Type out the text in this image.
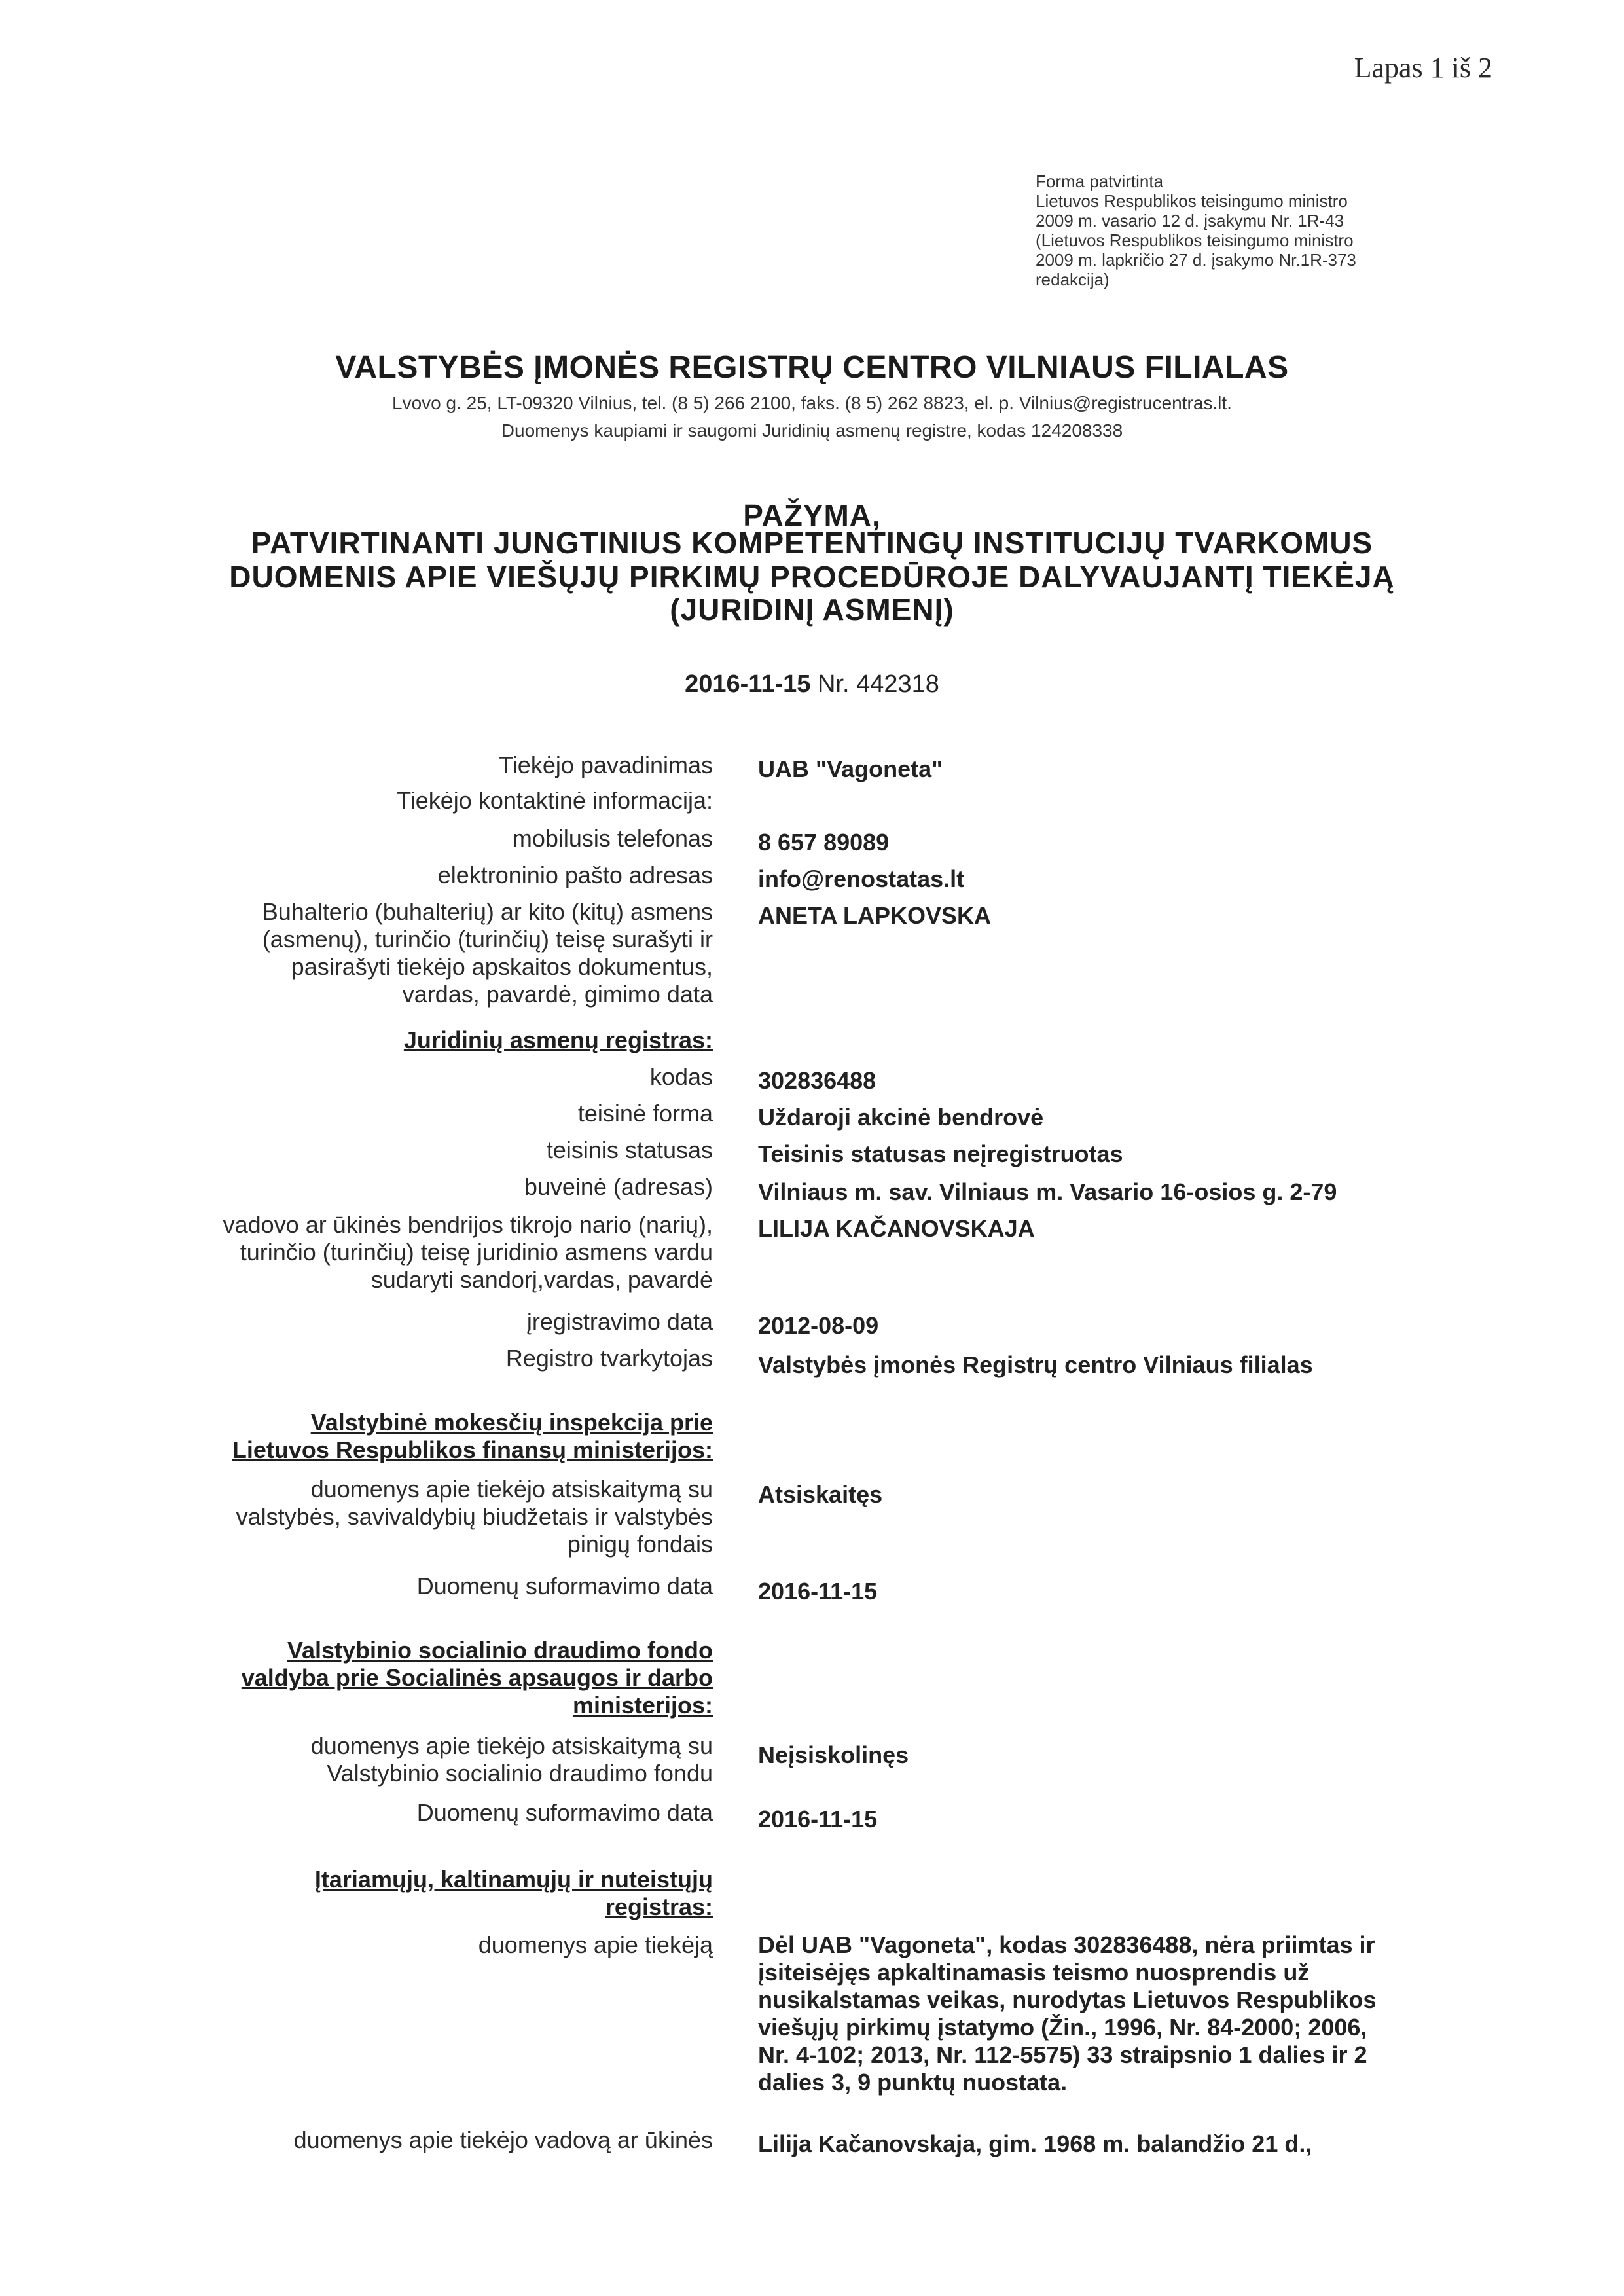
Lapas 1 iš 2
Forma patvirtinta
Lietuvos Respublikos teisingumo ministro
2009 m. vasario 12 d. įsakymu Nr. 1R-43
(Lietuvos Respublikos teisingumo ministro
2009 m. lapkričio 27 d. įsakymo Nr.1R-373
redakcija)
VALSTYBĖS ĮMONĖS REGISTRŲ CENTRO VILNIAUS FILIALAS
Lvovo g. 25, LT-09320 Vilnius, tel. (8 5) 266 2100, faks. (8 5) 262 8823, el. p. Vilnius@registrucentras.lt.
Duomenys kaupiami ir saugomi Juridinių asmenų registre, kodas 124208338
PAŽYMA,
PATVIRTINANTI JUNGTINIUS KOMPETENTINGŲ INSTITUCIJŲ TVARKOMUS
DUOMENIS APIE VIEŠŲJŲ PIRKIMŲ PROCEDŪROJE DALYVAUJANTĮ TIEKĖJĄ
(JURIDINĮ ASMENĮ)
2016-11-15 Nr. 442318
Tiekėjo pavadinimas UAB "Vagoneta"
Tiekėjo kontaktinė informacija:
mobilusis telefonas 8 657 89089
elektroninio pašto adresas info@renostatas.lt
Buhalterio (buhalterių) ar kito (kitų) asmens
(asmenų), turinčio (turinčių) teisę surašyti ir
pasirašyti tiekėjo apskaitos dokumentus,
vardas, pavardė, gimimo data
ANETA LAPKOVSKA
Juridinių asmenų registras:
kodas 302836488
teisinė forma Uždaroji akcinė bendrovė
teisinis statusas Teisinis statusas neįregistruotas
buveinė (adresas) Vilniaus m. sav. Vilniaus m. Vasario 16-osios g. 2-79
vadovo ar ūkinės bendrijos tikrojo nario (narių),
turinčio (turinčių) teisę juridinio asmens vardu
sudaryti sandorį,vardas, pavardė
LILIJA KAČANOVSKAJA
įregistravimo data 2012-08-09
Registro tvarkytojas Valstybės įmonės Registrų centro Vilniaus filialas
Valstybinė mokesčių inspekcija prie
Lietuvos Respublikos finansų ministerijos:
duomenys apie tiekėjo atsiskaitymą su
valstybės, savivaldybių biudžetais ir valstybės
pinigų fondais
Atsiskaitęs
Duomenų suformavimo data 2016-11-15
Valstybinio socialinio draudimo fondo
valdyba prie Socialinės apsaugos ir darbo
ministerijos:
duomenys apie tiekėjo atsiskaitymą su
Valstybinio socialinio draudimo fondu
Neįsiskolinęs
Duomenų suformavimo data 2016-11-15
Įtariamųjų, kaltinamųjų ir nuteistųjų
registras:
duomenys apie tiekėją Dėl UAB "Vagoneta", kodas 302836488, nėra priimtas ir
įsiteisėjęs apkaltinamasis teismo nuosprendis už
nusikalstamas veikas, nurodytas Lietuvos Respublikos
viešųjų pirkimų įstatymo (Žin., 1996, Nr. 84-2000; 2006,
Nr. 4-102; 2013, Nr. 112-5575) 33 straipsnio 1 dalies ir 2
dalies 3, 9 punktų nuostata.
duomenys apie tiekėjo vadovą ar ūkinės Lilija Kačanovskaja, gim. 1968 m. balandžio 21 d.,
